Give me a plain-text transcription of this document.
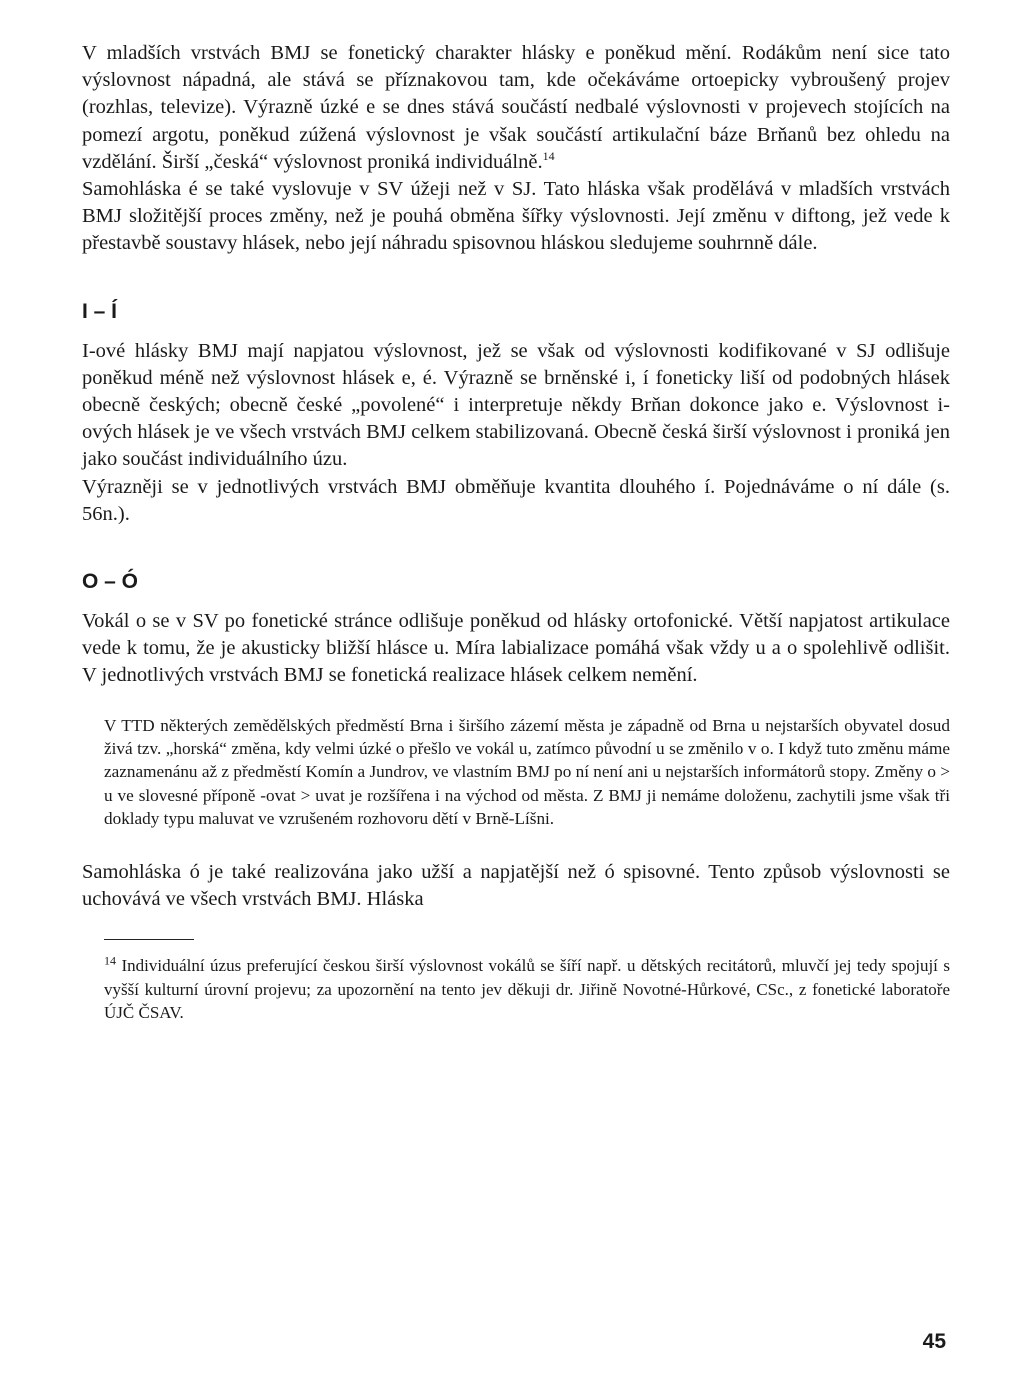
V mladších vrstvách BMJ se fonetický charakter hlásky e poněkud mění. Rodákům není sice tato výslovnost nápadná, ale stává se příznakovou tam, kde očekáváme ortoepicky vybroušený projev (rozhlas, televize). Výrazně úzké e se dnes stává součástí nedbalé výslovnosti v projevech stojících na pomezí argotu, poněkud zúžená výslovnost je však součástí artikulační báze Brňanů bez ohledu na vzdělání. Širší „česká“ výslovnost proniká individuálně.$^{14}$

Samohláska é se také vyslovuje v SV úžeji než v SJ. Tato hláska však prodělává v mladších vrstvách BMJ složitější proces změny, než je pouhá obměna šířky výslovnosti. Její změnu v diftong, jež vede k přestavbě soustavy hlásek, nebo její náhradu spisovnou hláskou sledujeme souhrnně dále.

I – Í

I-ové hlásky BMJ mají napjatou výslovnost, jež se však od výslovnosti kodifikované v SJ odlišuje poněkud méně než výslovnost hlásek e, é. Výrazně se brněnské i, í foneticky liší od podobných hlásek obecně českých; obecně české „povolené“ i interpretuje někdy Brňan dokonce jako e. Výslovnost i-ových hlásek je ve všech vrstvách BMJ celkem stabilizovaná. Obecně česká širší výslovnost i proniká jen jako součást individuálního úzu.

Výrazněji se v jednotlivých vrstvách BMJ obměňuje kvantita dlouhého í. Pojednáváme o ní dále (s. 56n.).

O – Ó

Vokál o se v SV po fonetické stránce odlišuje poněkud od hlásky ortofonické. Větší napjatost artikulace vede k tomu, že je akusticky bližší hlásce u. Míra labializace pomáhá však vždy u a o spolehlivě odlišit. V jednotlivých vrstvách BMJ se fonetická realizace hlásek celkem nemění.

V TTD některých zemědělských předměstí Brna i širšího zázemí města je západně od Brna u nejstarších obyvatel dosud živá tzv. „horská“ změna, kdy velmi úzké o přešlo ve vokál u, zatímco původní u se změnilo v o. I když tuto změnu máme zaznamenánu až z předměstí Komín a Jundrov, ve vlastním BMJ po ní není ani u nejstarších informátorů stopy. Změny o > u ve slovesné příponě -ovat > uvat je rozšířena i na východ od města. Z BMJ ji nemáme doloženu, zachytili jsme však tři doklady typu maluvat ve vzrušeném rozhovoru dětí v Brně-Líšni.

Samohláska ó je také realizována jako užší a napjatější než ó spisovné. Tento způsob výslovnosti se uchovává ve všech vrstvách BMJ. Hláska

$^{14}$ Individuální úzus preferující českou širší výslovnost vokálů se šíří např. u dětských recitátorů, mluvčí jej tedy spojují s vyšší kulturní úrovní projevu; za upozornění na tento jev děkuji dr. Jiřině Novotné-Hůrkové, CSc., z fonetické laboratoře ÚJČ ČSAV.

45
